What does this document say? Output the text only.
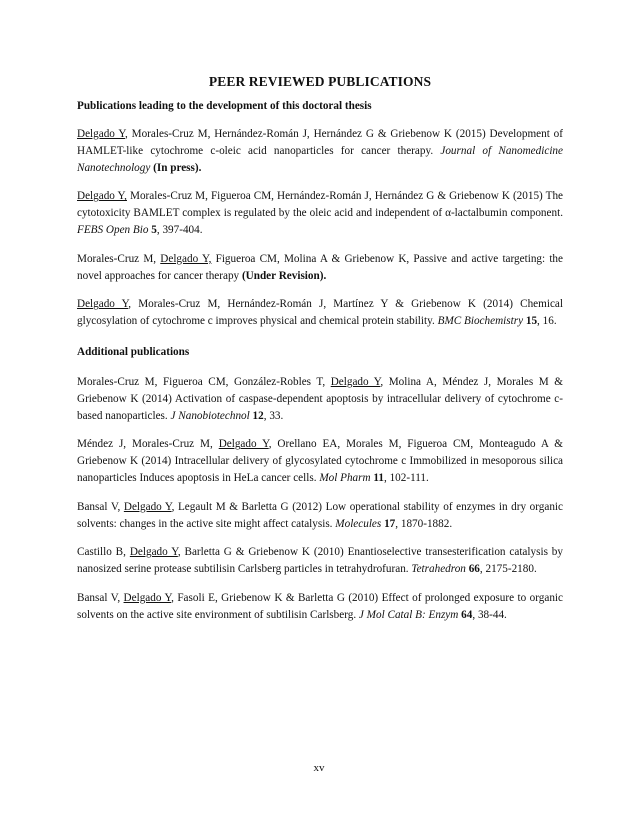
PEER REVIEWED PUBLICATIONS
Publications leading to the development of this doctoral thesis

Delgado Y, Morales-Cruz M, Hernández-Román J, Hernández G & Griebenow K (2015) Development of HAMLET-like cytochrome c-oleic acid nanoparticles for cancer therapy. Journal of Nanomedicine Nanotechnology (In press).

Delgado Y, Morales-Cruz M, Figueroa CM, Hernández-Román J, Hernández G & Griebenow K (2015) The cytotoxicity BAMLET complex is regulated by the oleic acid and independent of α-lactalbumin component. FEBS Open Bio 5, 397-404.

Morales-Cruz M, Delgado Y, Figueroa CM, Molina A & Griebenow K, Passive and active targeting: the novel approaches for cancer therapy (Under Revision).

Delgado Y, Morales-Cruz M, Hernández-Román J, Martínez Y & Griebenow K (2014) Chemical glycosylation of cytochrome c improves physical and chemical protein stability. BMC Biochemistry 15, 16.

Additional publications

Morales-Cruz M, Figueroa CM, González-Robles T, Delgado Y, Molina A, Méndez J, Morales M & Griebenow K (2014) Activation of caspase-dependent apoptosis by intracellular delivery of cytochrome c-based nanoparticles. J Nanobiotechnol 12, 33.

Méndez J, Morales-Cruz M, Delgado Y, Orellano EA, Morales M, Figueroa CM, Monteagudo A & Griebenow K (2014) Intracellular delivery of glycosylated cytochrome c Immobilized in mesoporous silica nanoparticles Induces apoptosis in HeLa cancer cells. Mol Pharm 11, 102-111.

Bansal V, Delgado Y, Legault M & Barletta G (2012) Low operational stability of enzymes in dry organic solvents: changes in the active site might affect catalysis. Molecules 17, 1870-1882.

Castillo B, Delgado Y, Barletta G & Griebenow K (2010) Enantioselective transesterification catalysis by nanosized serine protease subtilisin Carlsberg particles in tetrahydrofuran. Tetrahedron 66, 2175-2180.

Bansal V, Delgado Y, Fasoli E, Griebenow K & Barletta G (2010) Effect of prolonged exposure to organic solvents on the active site environment of subtilisin Carlsberg. J Mol Catal B: Enzym 64, 38-44.

xv
